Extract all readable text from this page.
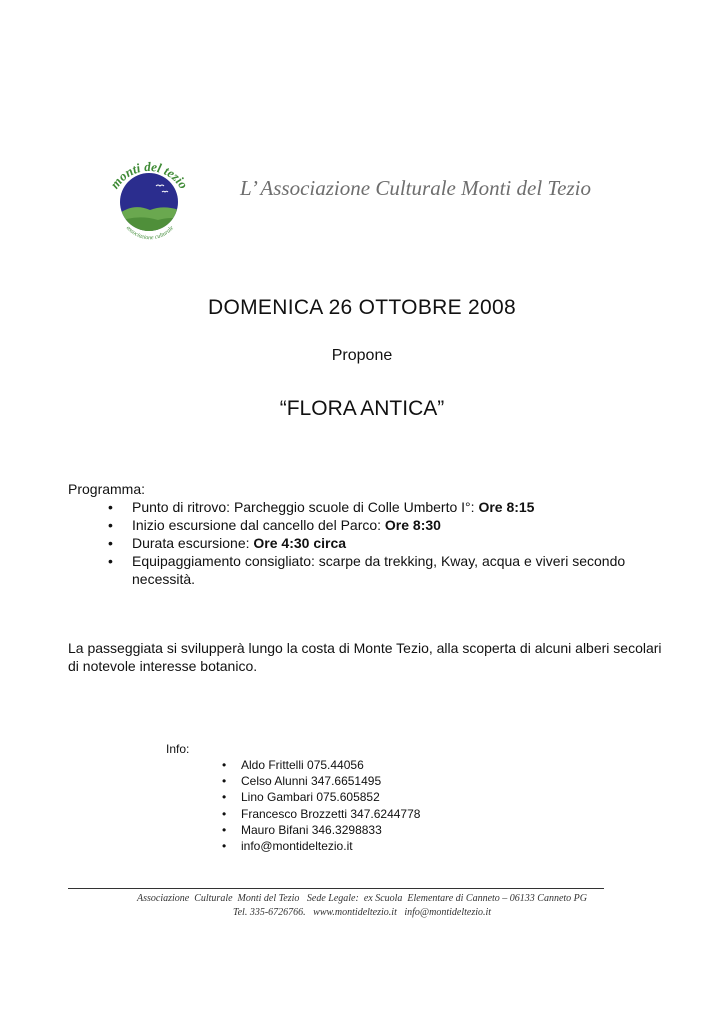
monti del tezio
associazione culturale
L’ Associazione Culturale Monti del Tezio
DOMENICA 26 OTTOBRE 2008
Propone
“FLORA ANTICA”
Programma:
• Punto di ritrovo: Parcheggio scuole di Colle Umberto I°: Ore 8:15
• Inizio escursione dal cancello del Parco: Ore 8:30
• Durata escursione: Ore 4:30 circa
• Equipaggiamento consigliato: scarpe da trekking, Kway, acqua e viveri secondo necessità.
La passeggiata si svilupperà lungo la costa di Monte Tezio, alla scoperta di alcuni alberi secolari di notevole interesse botanico.
Info:
• Aldo Frittelli 075.44056
• Celso Alunni 347.6651495
• Lino Gambari 075.605852
• Francesco Brozzetti 347.6244778
• Mauro Bifani 346.3298833
• info@montideltezio.it
Associazione  Culturale  Monti del Tezio   Sede Legale:  ex Scuola  Elementare di Canneto – 06133 Canneto PG
Tel. 335-6726766.   www.montideltezio.it   info@montideltezio.it
